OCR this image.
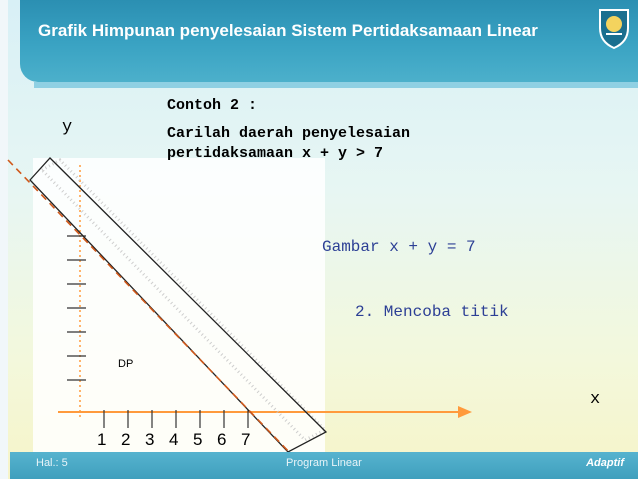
Grafik Himpunan penyelesaian Sistem Pertidaksamaan Linear
Contoh 2 :
Carilah daerah penyelesaian
pertidaksamaan x + y > 7
Gambar x + y = 7
2. Mencoba titik
y
x
DP
1 2 3 4 5 6 7
Hal.: 5	Program Linear	Adaptif
